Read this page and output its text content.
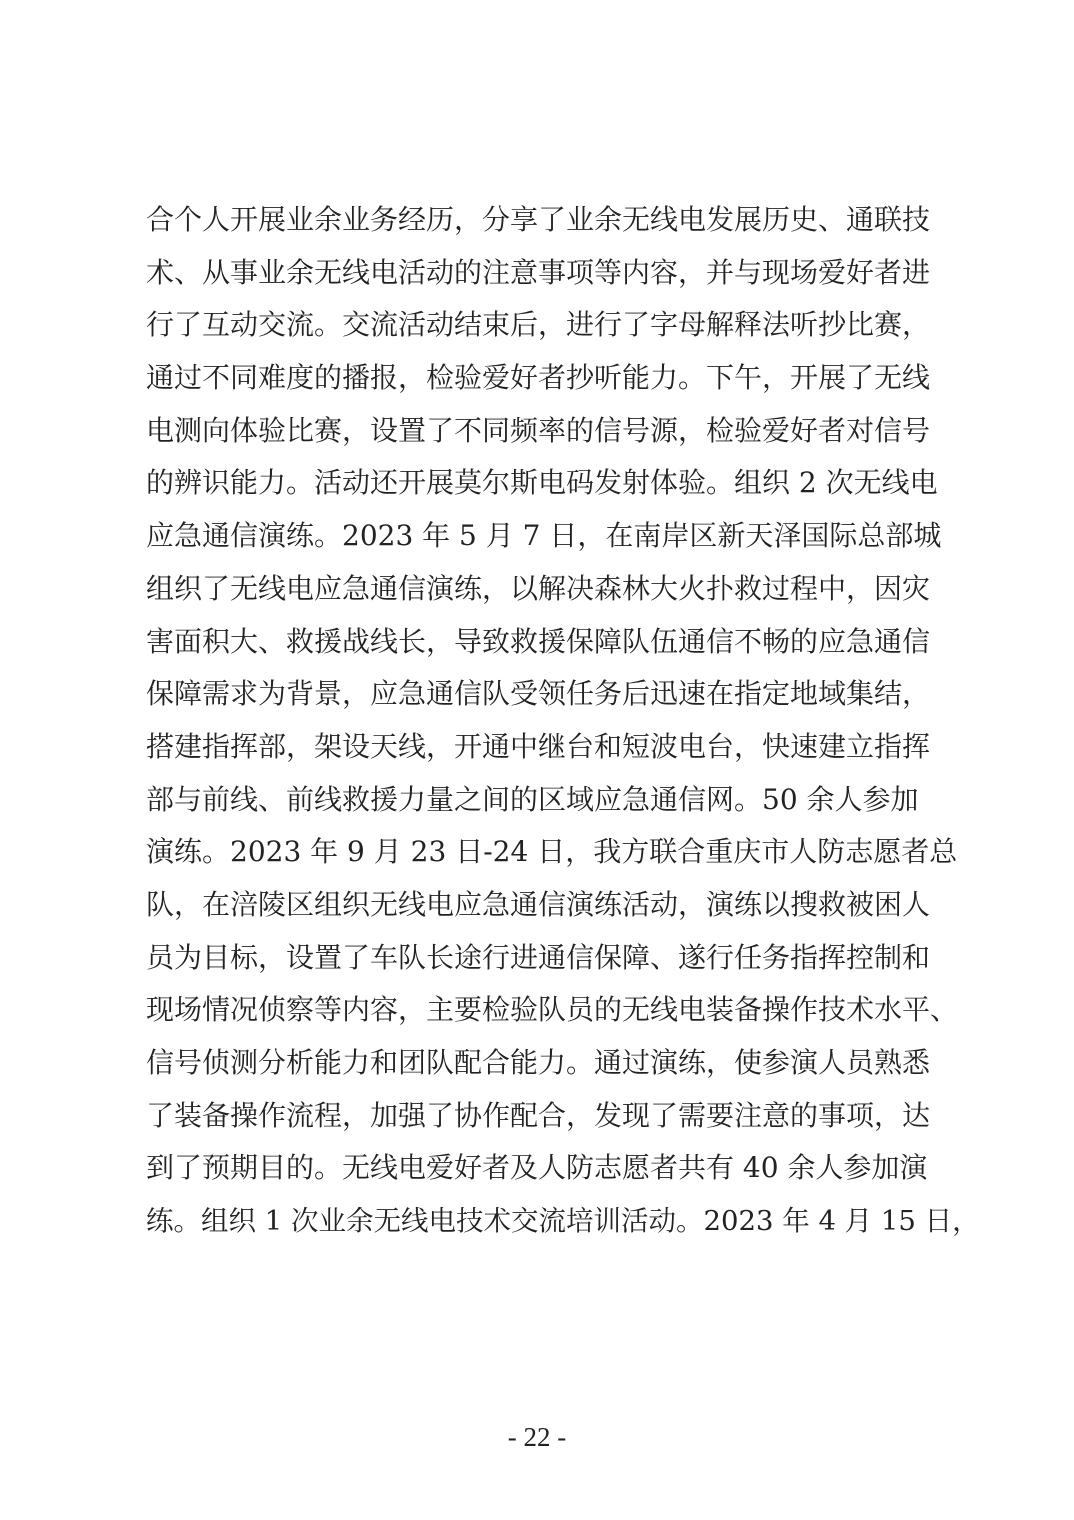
合个人开展业余业务经历，分享了业余无线电发展历史、通联技
术、从事业余无线电活动的注意事项等内容，并与现场爱好者进
行了互动交流。交流活动结束后，进行了字母解释法听抄比赛，
通过不同难度的播报，检验爱好者抄听能力。下午，开展了无线
电测向体验比赛，设置了不同频率的信号源，检验爱好者对信号
的辨识能力。活动还开展莫尔斯电码发射体验。组织 2 次无线电
应急通信演练。2023 年 5 月 7 日，在南岸区新天泽国际总部城
组织了无线电应急通信演练，以解决森林大火扑救过程中，因灾
害面积大、救援战线长，导致救援保障队伍通信不畅的应急通信
保障需求为背景，应急通信队受领任务后迅速在指定地域集结，
搭建指挥部，架设天线，开通中继台和短波电台，快速建立指挥
部与前线、前线救援力量之间的区域应急通信网。50 余人参加
演练。2023 年 9 月 23 日-24 日，我方联合重庆市人防志愿者总
队，在涪陵区组织无线电应急通信演练活动，演练以搜救被困人
员为目标，设置了车队长途行进通信保障、遂行任务指挥控制和
现场情况侦察等内容，主要检验队员的无线电装备操作技术水平、
信号侦测分析能力和团队配合能力。通过演练，使参演人员熟悉
了装备操作流程，加强了协作配合，发现了需要注意的事项，达
到了预期目的。无线电爱好者及人防志愿者共有 40 余人参加演
练。组织 1 次业余无线电技术交流培训活动。2023 年 4 月 15 日，
- 22 -
